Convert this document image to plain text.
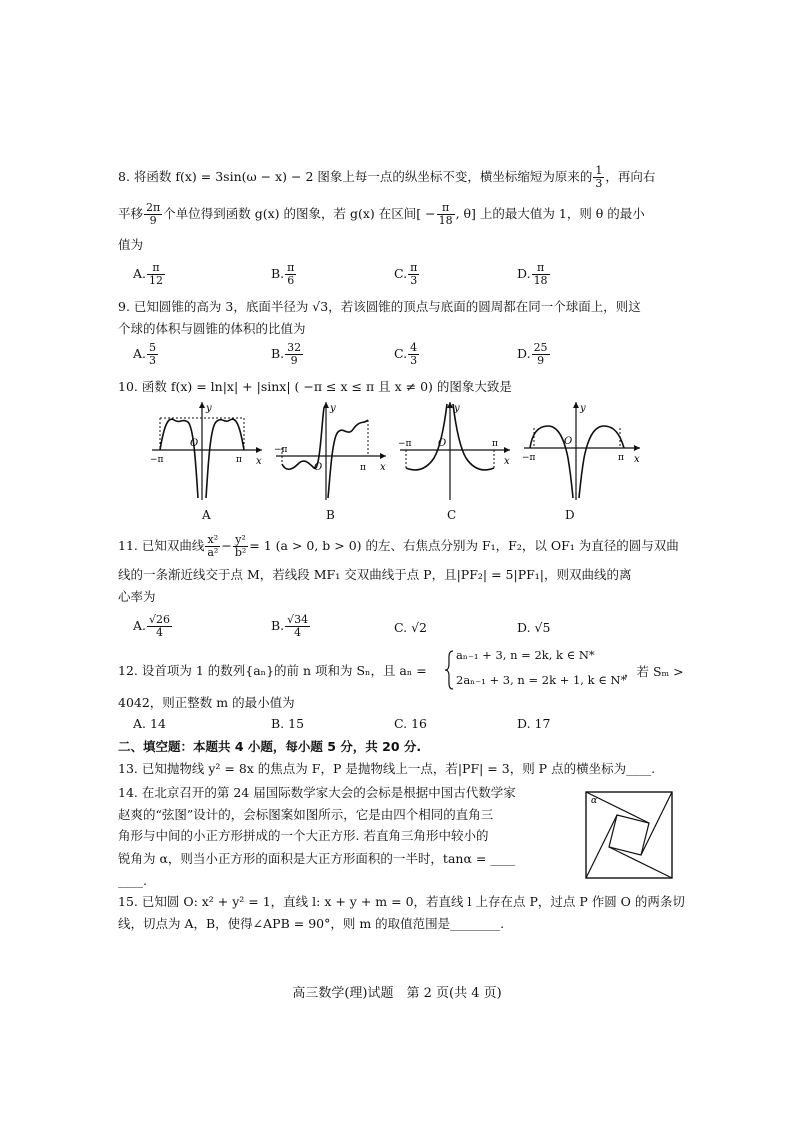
8. 将函数 f(x) = 3sin(ω − x) − 2 图象上每一点的纵坐标不变，横坐标缩短为原来的 $\frac{1}{3}$ ，再向右
平移 $\frac{2\pi}{9}$ 个单位得到函数 g(x) 的图象，若 g(x) 在区间[ − $\frac{\pi}{18}$ , θ] 上的最大值为 1，则 θ 的最小
值为
A. $\frac{\pi}{12}$	B. $\frac{\pi}{6}$	C. $\frac{\pi}{3}$	D. $\frac{\pi}{18}$
9. 已知圆锥的高为 3，底面半径为 √3，若该圆锥的顶点与底面的圆周都在同一个球面上，则这
个球的体积与圆锥的体积的比值为
A. $\frac{5}{3}$	B. $\frac{32}{9}$	C. $\frac{4}{3}$	D. $\frac{25}{9}$
10. 函数 f(x) = ln|x| + |sinx| ( −π ≤ x ≤ π 且 x ≠ 0) 的图象大致是
y
x
O
−π	π
y
x
O
−π
π
y
x
O
−π	π
y
x
O
−π	π
A	B	C	D
11. 已知双曲线 $\frac{\text{x²}}{\text{a²}} - \frac{\text{y²}}{\text{b²}} = 1$ (a > 0, b > 0) 的左、右焦点分别为 F₁，F₂，以 OF₁ 为直径的圆与双曲
线的一条渐近线交于点 M，若线段 MF₁ 交双曲线于点 P，且|PF₂| = 5|PF₁|，则双曲线的离
心率为
A. $\frac{√26}{4}$	B. $\frac{√34}{4}$	C. √2	D. √5
12. 设首项为 1 的数列{aₙ}的前 n 项和为 Sₙ，且 aₙ =
aₙ₋₁ + 3, n = 2k, k ∈ N*
2aₙ₋₁ + 3, n = 2k + 1, k ∈ N*
，若 Sₘ >
4042，则正整数 m 的最小值为
A. 14	B. 15	C. 16	D. 17
二、填空题：本题共 4 小题，每小题 5 分，共 20 分.
13. 已知抛物线 y² = 8x 的焦点为 F，P 是抛物线上一点，若|PF| = 3，则 P 点的横坐标为____.
14. 在北京召开的第 24 届国际数学家大会的会标是根据中国古代数学家
赵爽的“弦图”设计的，会标图案如图所示，它是由四个相同的直角三
角形与中间的小正方形拼成的一个大正方形. 若直角三角形中较小的
锐角为 α，则当小正方形的面积是大正方形面积的一半时，tanα = ____
____.
α
15. 已知圆 O: x² + y² = 1，直线 l: x + y + m = 0，若直线 l 上存在点 P，过点 P 作圆 O 的两条切
线，切点为 A，B，使得∠APB = 90°，则 m 的取值范围是________.
高三数学(理)试题　第 2 页(共 4 页)
